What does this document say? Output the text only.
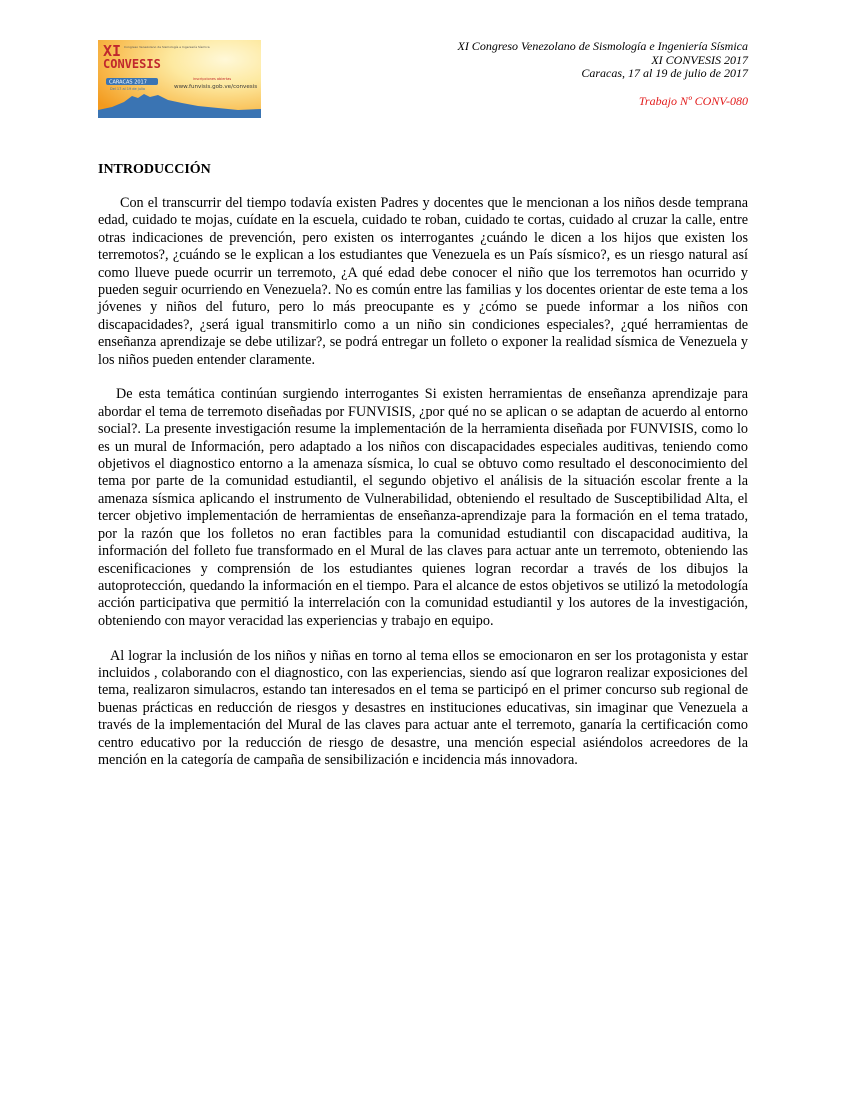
XI
CONVESIS
Congreso Venezolano de Sismología e Ingeniería Sísmica
CARACAS 2017
Del 17 al 19 de julio
inscripciones abiertas
www.funvisis.gob.ve/convesis
XI Congreso Venezolano de Sismología e Ingeniería Sísmica
XI CONVESIS 2017
Caracas, 17 al 19 de julio de 2017
Trabajo Nº CONV-080
INTRODUCCIÓN

Con el transcurrir del tiempo todavía existen Padres y docentes que le mencionan a los niños desde temprana edad, cuidado te mojas, cuídate en la escuela, cuidado te roban, cuidado te cortas, cuidado al cruzar la calle, entre otras indicaciones de prevención, pero existen os interrogantes ¿cuándo le dicen a los hijos que existen los terremotos?, ¿cuándo se le explican a los estudiantes que Venezuela es un País sísmico?, es un riesgo natural así como llueve puede ocurrir un terremoto, ¿A qué edad debe conocer el niño que los terremotos han ocurrido y pueden seguir ocurriendo en Venezuela?. No es común entre las familias y los docentes orientar de este tema a los jóvenes y niños del futuro, pero lo más preocupante es y ¿cómo se puede informar a los niños con discapacidades?, ¿será igual transmitirlo como a un niño sin condiciones especiales?, ¿qué herramientas de enseñanza aprendizaje se debe utilizar?, se podrá entregar un folleto o exponer la realidad sísmica de Venezuela y los niños pueden entender claramente.

De esta temática continúan surgiendo interrogantes Si existen herramientas de enseñanza aprendizaje para abordar el tema de terremoto diseñadas por FUNVISIS, ¿por qué no se aplican o se adaptan de acuerdo al entorno social?. La presente investigación resume la implementación de la herramienta diseñada por FUNVISIS, como lo es un mural de Información, pero adaptado a los niños con discapacidades especiales auditivas, teniendo como objetivos el diagnostico entorno a la amenaza sísmica, lo cual se obtuvo como resultado el desconocimiento del tema por parte de la comunidad estudiantil, el segundo objetivo el análisis de la situación escolar frente a la amenaza sísmica aplicando el instrumento de Vulnerabilidad, obteniendo el resultado de Susceptibilidad Alta, el tercer objetivo implementación de herramientas de enseñanza-aprendizaje para la formación en el tema tratado, por la razón que los folletos no eran factibles para la comunidad estudiantil con discapacidad auditiva, la información del folleto fue transformado en el Mural de las claves para actuar ante un terremoto, obteniendo las escenificaciones y comprensión de los estudiantes quienes logran recordar a través de los dibujos la autoprotección, quedando la información en el tiempo. Para el alcance de estos objetivos se utilizó la metodología acción participativa que permitió la interrelación con la comunidad estudiantil y los autores de la investigación, obteniendo con mayor veracidad las experiencias y trabajo en equipo.

Al lograr la inclusión de los niños y niñas en torno al tema ellos se emocionaron en ser los protagonista y estar incluidos , colaborando con el diagnostico, con las experiencias, siendo así que lograron realizar exposiciones del tema, realizaron simulacros, estando tan interesados en el tema se participó en el primer concurso sub regional de buenas prácticas en reducción de riesgos y desastres en instituciones educativas, sin imaginar que Venezuela a través de la implementación del Mural de las claves para actuar ante el terremoto, ganaría la certificación como centro educativo por la reducción de riesgo de desastre, una mención especial asiéndolos acreedores de la mención en la categoría de campaña de sensibilización e incidencia más innovadora.
